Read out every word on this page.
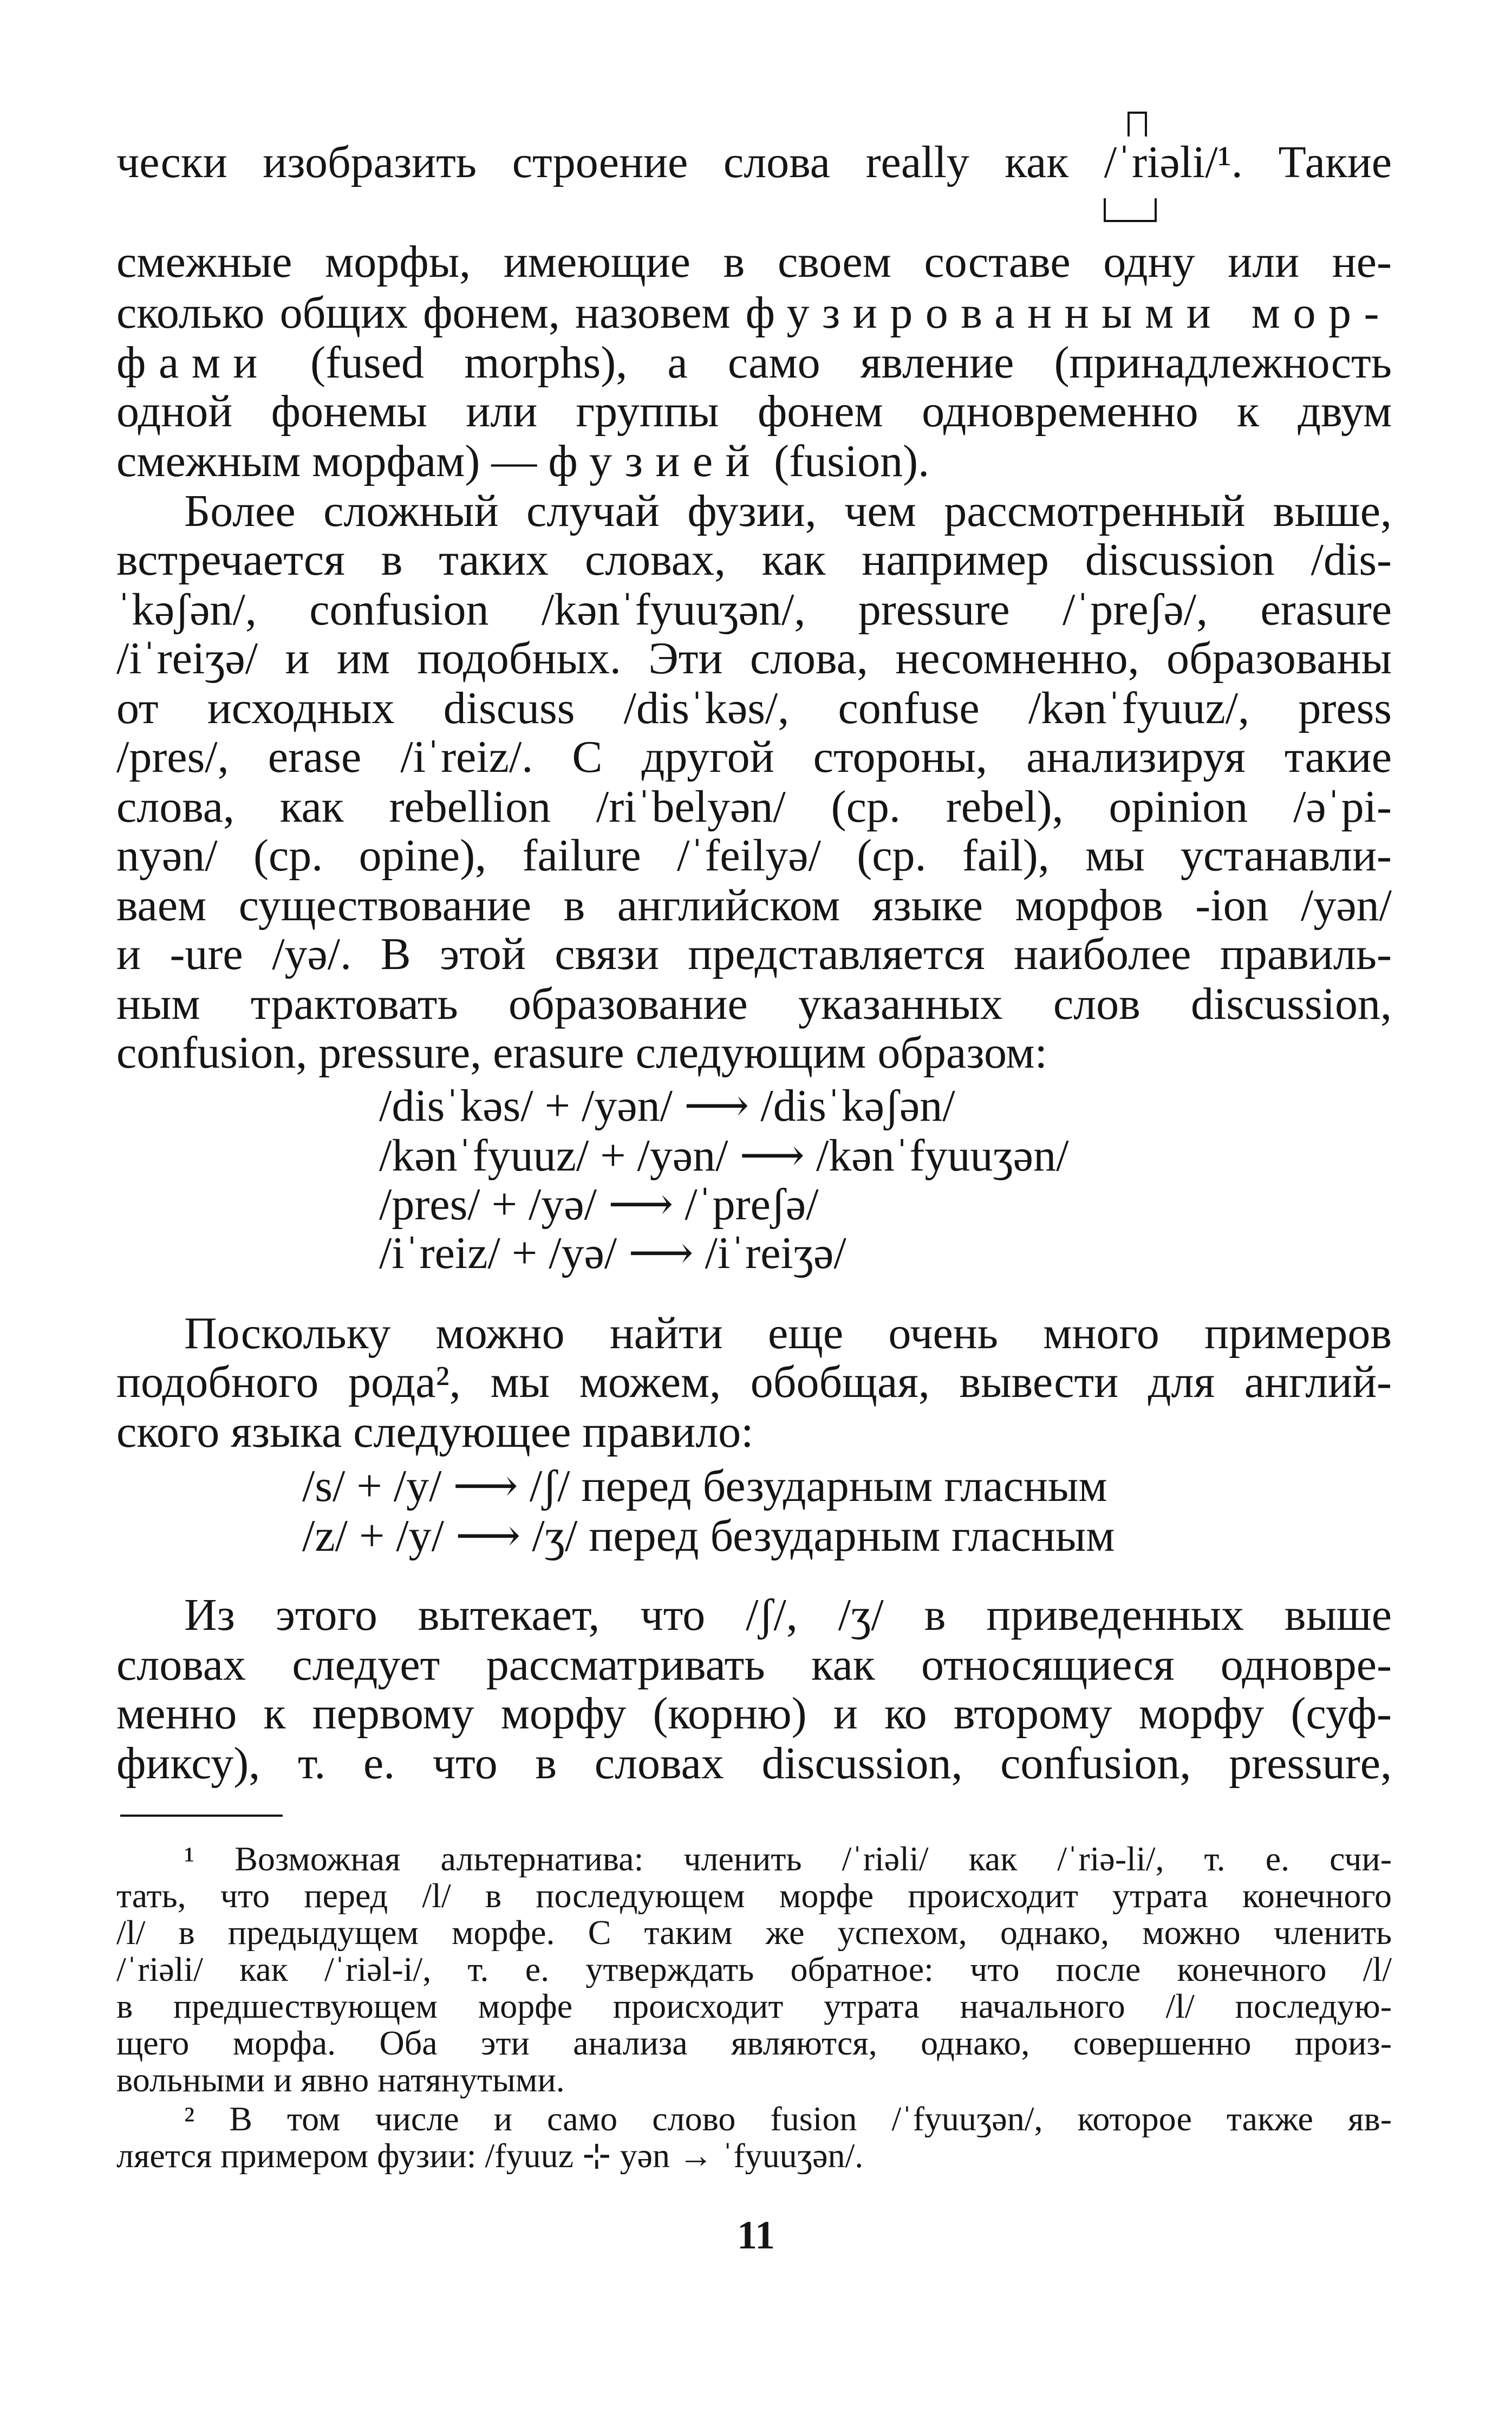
чески изобразить строение слова really как /ˈriəli/¹. Такие
смежные морфы, имеющие в своем составе одну или не-
сколько общих фонем, назовем фузированными мор-
фами (fused morphs), а само явление (принадлежность
одной фонемы или группы фонем одновременно к двум
смежным морфам) — фузией (fusion).
Более сложный случай фузии, чем рассмотренный выше,
встречается в таких словах, как например discussion /dis-
ˈkəʃən/, confusion /kənˈfyuuʒən/, pressure /ˈpreʃə/, erasure
/iˈreiʒə/ и им подобных. Эти слова, несомненно, образованы
от исходных discuss /disˈkəs/, confuse /kənˈfyuuz/, press
/pres/, erase /iˈreiz/. С другой стороны, анализируя такие
слова, как rebellion /riˈbelyən/ (ср. rebel), opinion /əˈpi-
nyən/ (ср. opine), failure /ˈfeilyə/ (ср. fail), мы устанавли-
ваем существование в английском языке морфов -ion /yən/
и -ure /yə/. В этой связи представляется наиболее правиль-
ным трактовать образование указанных слов discussion,
confusion, pressure, erasure следующим образом:
/disˈkəs/ + /yən/ ⟶ /disˈkəʃən/
/kənˈfyuuz/ + /yən/ ⟶ /kənˈfyuuʒən/
/pres/ + /yə/ ⟶ /ˈpreʃə/
/iˈreiz/ + /yə/ ⟶ /iˈreiʒə/
Поскольку можно найти еще очень много примеров
подобного рода², мы можем, обобщая, вывести для англий-
ского языка следующее правило:
/s/ + /y/ ⟶ /ʃ/ перед безударным гласным
/z/ + /y/ ⟶ /ʒ/ перед безударным гласным
Из этого вытекает, что /ʃ/, /ʒ/ в приведенных выше
словах следует рассматривать как относящиеся одновре-
менно к первому морфу (корню) и ко второму морфу (суф-
фиксу), т. е. что в словах discussion, confusion, pressure,
¹ Возможная альтернатива: членить /ˈriəli/ как /ˈriə-li/, т. е. счи-
тать, что перед /l/ в последующем морфе происходит утрата конечного
/l/ в предыдущем морфе. С таким же успехом, однако, можно членить
/ˈriəli/ как /ˈriəl-i/, т. е. утверждать обратное: что после конечного /l/
в предшествующем морфе происходит утрата начального /l/ последую-
щего морфа. Оба эти анализа являются, однако, совершенно произ-
вольными и явно натянутыми.
² В том числе и само слово fusion /ˈfyuuʒən/, которое также яв-
ляется примером фузии: /fyuuz ⊹ yən → ˈfyuuʒən/.
11
